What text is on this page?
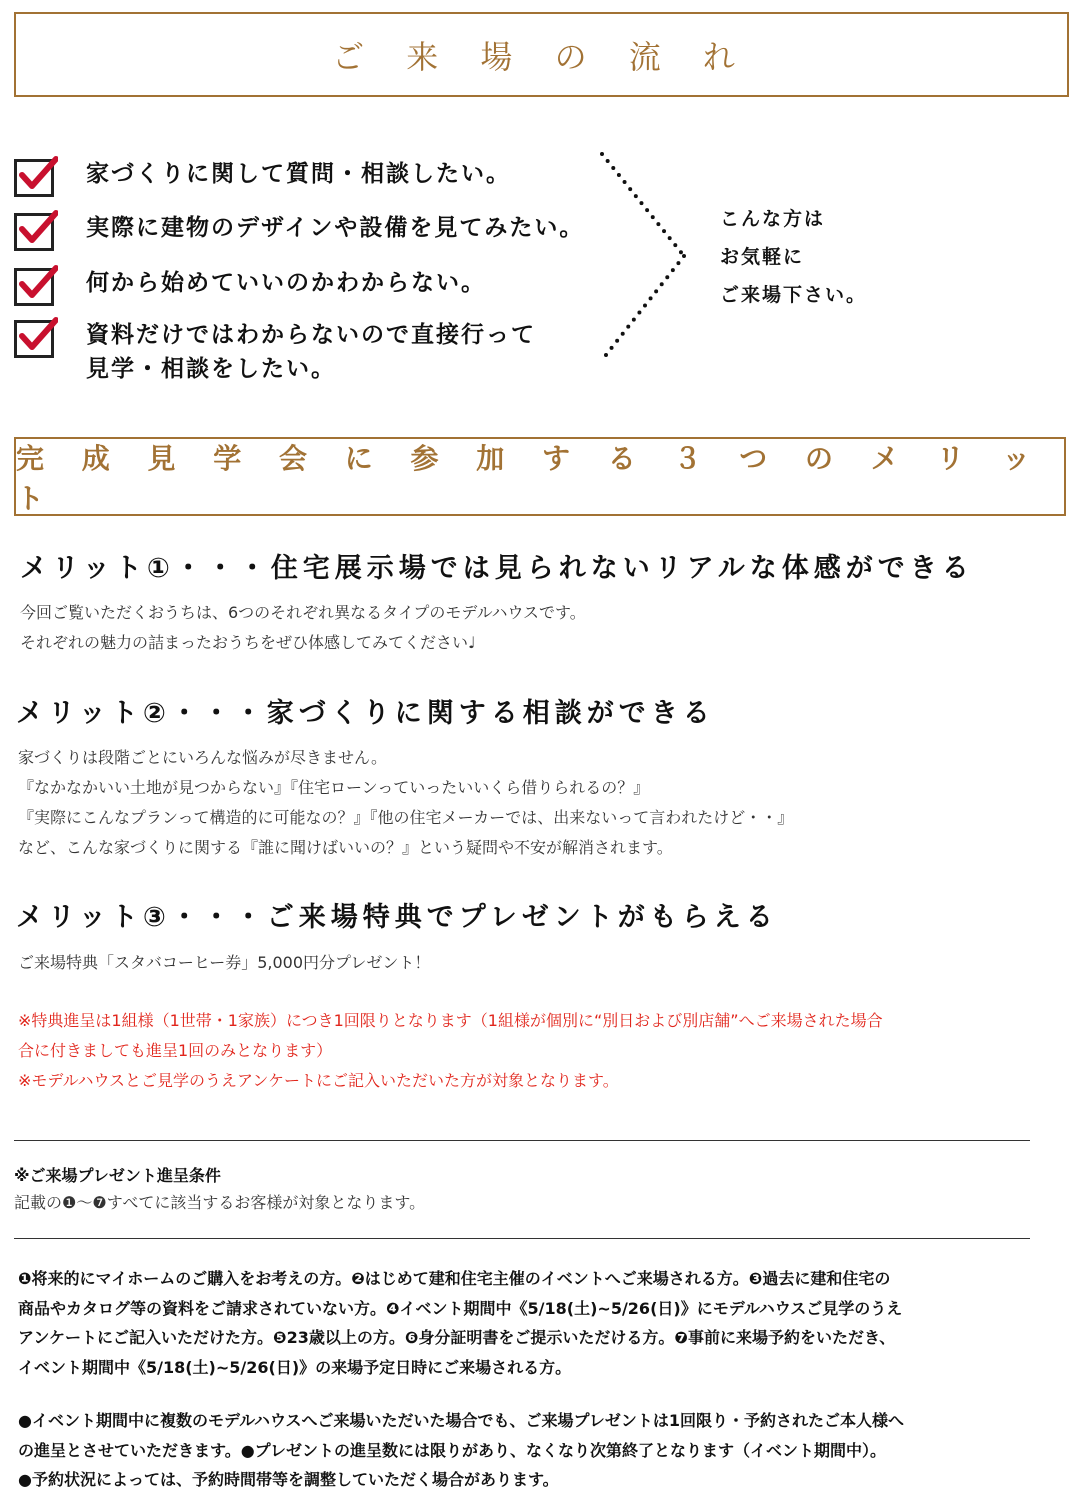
ご 来 場 の 流 れ
家づくりに関して質問・相談したい。
実際に建物のデザインや設備を見てみたい。
何から始めていいのかわからない。
資料だけではわからないので直接行って
見学・相談をしたい。
こんな方は
お気軽に
ご来場下さい。
完 成 見 学 会 に 参 加 す る ３ つ の メ リ ッ ト
メリット①・・・住宅展示場では見られないリアルな体感ができる
今回ご覧いただくおうちは、6つのそれぞれ異なるタイプのモデルハウスです。
それぞれの魅力の詰まったおうちをぜひ体感してみてください♩
メリット②・・・家づくりに関する相談ができる
家づくりは段階ごとにいろんな悩みが尽きません。
『なかなかいい土地が見つからない』『住宅ローンっていったいいくら借りられるの？』
『実際にこんなプランって構造的に可能なの？』『他の住宅メーカーでは、出来ないって言われたけど・・』
など、こんな家づくりに関する『誰に聞けばいいの？』という疑問や不安が解消されます。
メリット③・・・ご来場特典でプレゼントがもらえる
ご来場特典「スタバコーヒー券」5,000円分プレゼント！
※特典進呈は1組様（1世帯・1家族）につき1回限りとなります（1組様が個別に“別日および別店舗”へご来場された場合
合に付きましても進呈1回のみとなります）
※モデルハウスとご見学のうえアンケートにご記入いただいた方が対象となります。
※ご来場プレゼント進呈条件
記載の❶〜❼すべてに該当するお客様が対象となります。
❶将来的にマイホームのご購入をお考えの方。❷はじめて建和住宅主催のイベントへご来場される方。❸過去に建和住宅の
商品やカタログ等の資料をご請求されていない方。❹イベント期間中《5/18(土)~5/26(日)》にモデルハウスご見学のうえ
アンケートにご記入いただけた方。❺23歳以上の方。❻身分証明書をご提示いただける方。❼事前に来場予約をいただき、
イベント期間中《5/18(土)~5/26(日)》の来場予定日時にご来場される方。
●イベント期間中に複数のモデルハウスへご来場いただいた場合でも、ご来場プレゼントは1回限り・予約されたご本人様へ
の進呈とさせていただきます。●プレゼントの進呈数には限りがあり、なくなり次第終了となります（イベント期間中）。
●予約状況によっては、予約時間帯等を調整していただく場合があります。
